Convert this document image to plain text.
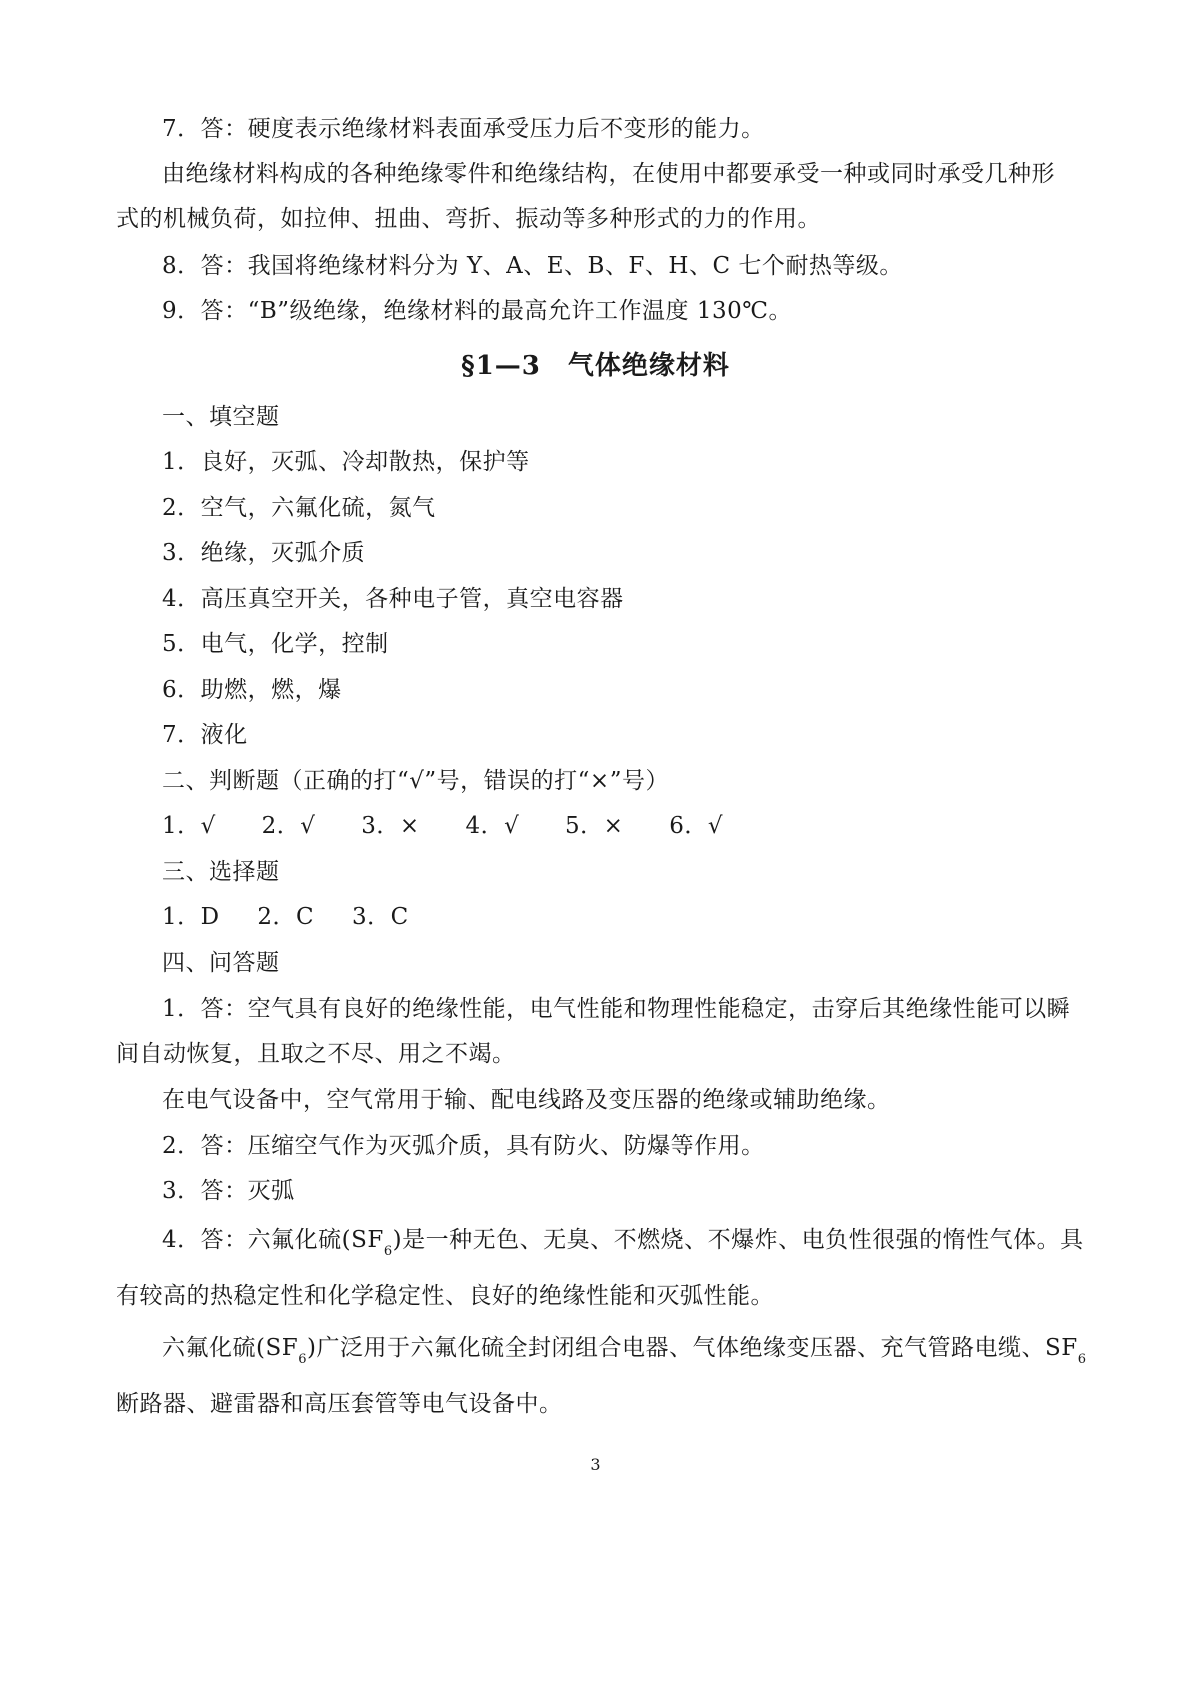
7．答：硬度表示绝缘材料表面承受压力后不变形的能力。
由绝缘材料构成的各种绝缘零件和绝缘结构，在使用中都要承受一种或同时承受几种形
式的机械负荷，如拉伸、扭曲、弯折、振动等多种形式的力的作用。
8．答：我国将绝缘材料分为 Y、A、E、B、F、H、C 七个耐热等级。
9．答：“B”级绝缘，绝缘材料的最高允许工作温度 130℃。
§1—3　气体绝缘材料
一、填空题
1．良好，灭弧、冷却散热，保护等
2．空气，六氟化硫，氮气
3．绝缘，灭弧介质
4．高压真空开关，各种电子管，真空电容器
5．电气，化学，控制
6．助燃，燃，爆
7．液化
二、判断题（正确的打“√”号，错误的打“×”号）
1．√ 2．√ 3．× 4．√ 5．× 6．√
三、选择题
1．D 2．C 3．C
四、问答题
1．答：空气具有良好的绝缘性能，电气性能和物理性能稳定，击穿后其绝缘性能可以瞬
间自动恢复，且取之不尽、用之不竭。
在电气设备中，空气常用于输、配电线路及变压器的绝缘或辅助绝缘。
2．答：压缩空气作为灭弧介质，具有防火、防爆等作用。
3．答：灭弧
4．答：六氟化硫$(SF_6)$是一种无色、无臭、不燃烧、不爆炸、电负性很强的惰性气体。具
有较高的热稳定性和化学稳定性、良好的绝缘性能和灭弧性能。
六氟化硫$(SF_6)$广泛用于六氟化硫全封闭组合电器、气体绝缘变压器、充气管路电缆、$SF_6$
断路器、避雷器和高压套管等电气设备中。
3
